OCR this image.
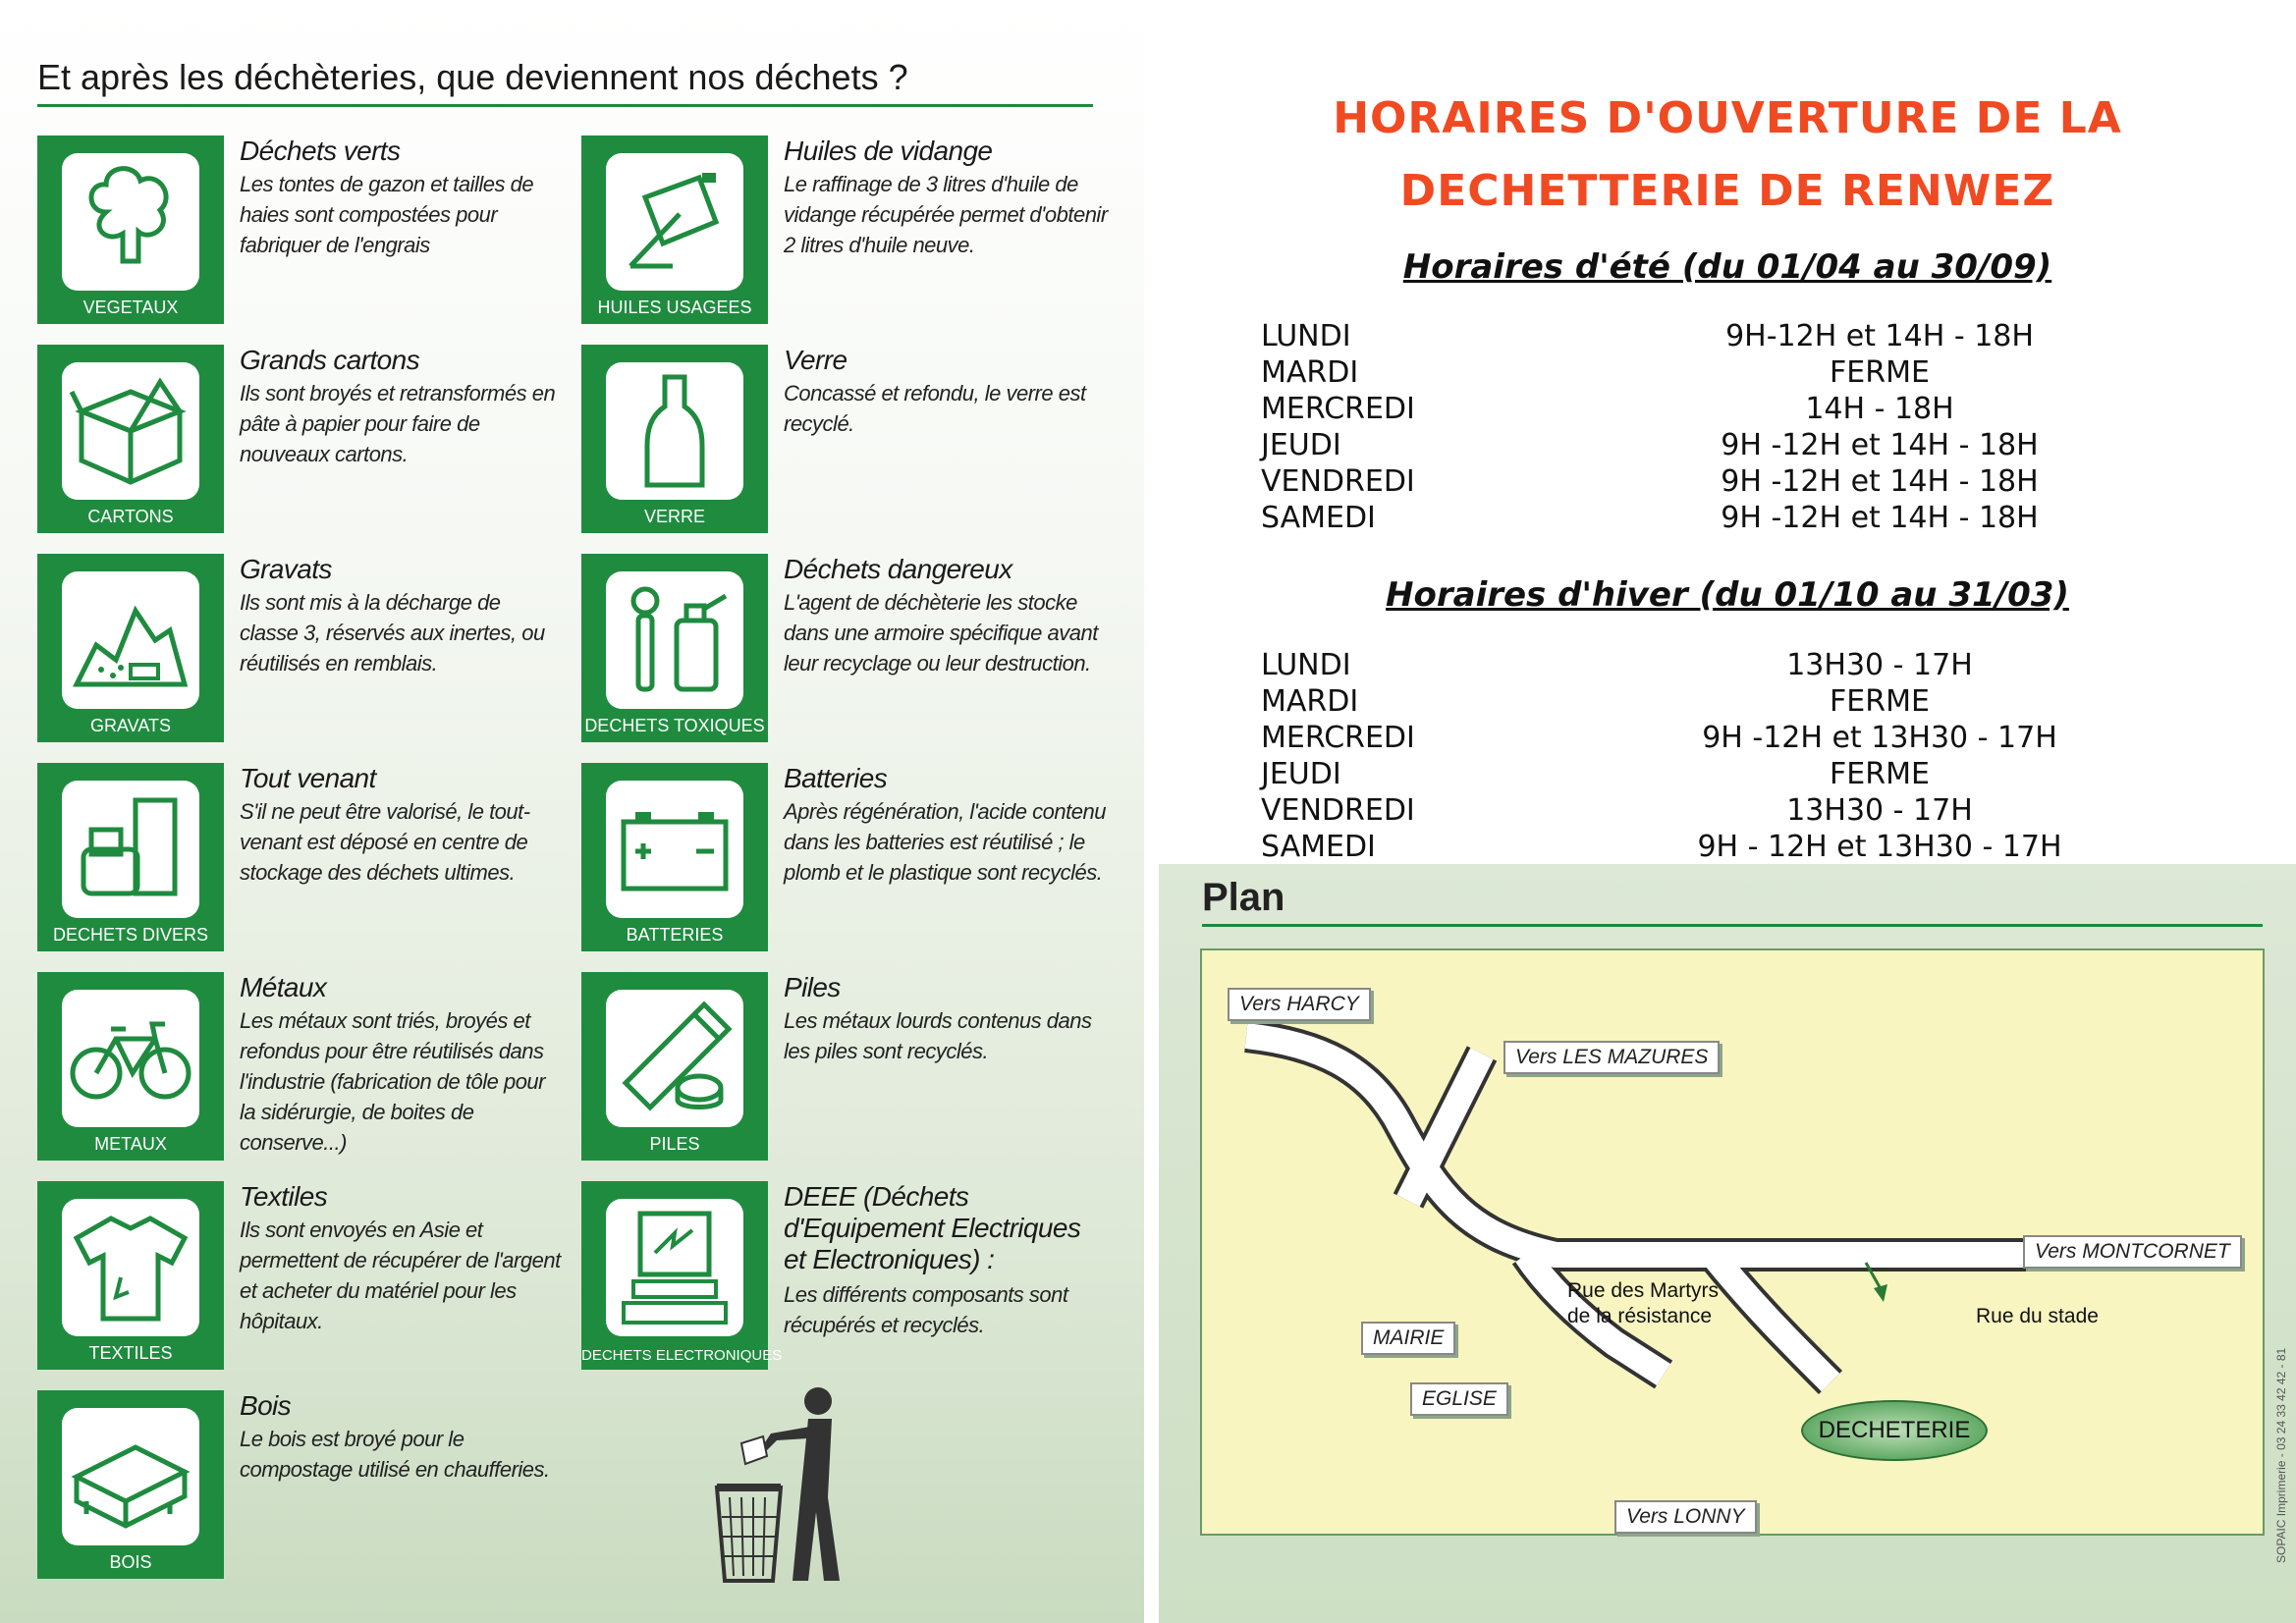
Et après les déchèteries, que deviennent nos déchets ?
VEGETAUX
Déchets verts
Les tontes de gazon et tailles de haies sont compostées pour fabriquer de l'engrais
HUILES USAGEES
Huiles de vidange
Le raffinage de 3 litres d'huile de vidange récupérée permet d'obtenir 2 litres d'huile neuve.
CARTONS
Grands cartons
Ils sont broyés et retransformés en pâte à papier pour faire de nouveaux cartons.
VERRE
Verre
Concassé et refondu, le verre est recyclé.
GRAVATS
Gravats
Ils sont mis à la décharge de classe 3, réservés aux inertes, ou réutilisés en remblais.
DECHETS TOXIQUES
Déchets dangereux
L'agent de déchèterie les stocke dans une armoire spécifique avant leur recyclage ou leur destruction.
DECHETS DIVERS
Tout venant
S'il ne peut être valorisé, le tout-venant est déposé en centre de stockage des déchets ultimes.
BATTERIES
Batteries
Après régénération, l'acide contenu dans les batteries est réutilisé ; le plomb et le plastique sont recyclés.
METAUX
Métaux
Les métaux sont triés, broyés et refondus pour être réutilisés dans l'industrie (fabrication de tôle pour la sidérurgie, de boites de conserve...)	PILES
Piles
Les métaux lourds contenus dans les piles sont recyclés.
TEXTILES
Textiles
Ils sont envoyés en Asie et permettent de récupérer de l'argent et acheter du matériel pour les hôpitaux.
DECHETS ELECTRONIQUES
DEEE (Déchets d'Equipement Electriques et Electroniques) :
Les différents composants sont récupérés et recyclés.
BOIS
Bois
Le bois est broyé pour le compostage utilisé en chaufferies.
HORAIRES D'OUVERTURE DE LA
DECHETTERIE DE RENWEZ
Horaires d'été (du 01/04 au 30/09)
LUNDI	9H-12H et 14H - 18H
MARDI	FERME
MERCREDI	14H - 18H
JEUDI	9H -12H et 14H - 18H
VENDREDI	9H -12H et 14H - 18H
SAMEDI	9H -12H et 14H - 18H
Horaires d'hiver (du 01/10 au 31/03)
LUNDI	13H30 - 17H
MARDI	FERME
MERCREDI	9H -12H et 13H30 - 17H
JEUDI	FERME
VENDREDI	13H30 - 17H
SAMEDI	9H - 12H et 13H30 - 17H
Plan
Vers HARCY
Vers LES MAZURES
Vers MONTCORNET
MAIRIE
EGLISE
Vers LONNY
Rue des Martyrs
de la résistance	Rue du stade
DECHETERIE	SOPAIC Imprimerie - 03 24 33 42 42 - 81
